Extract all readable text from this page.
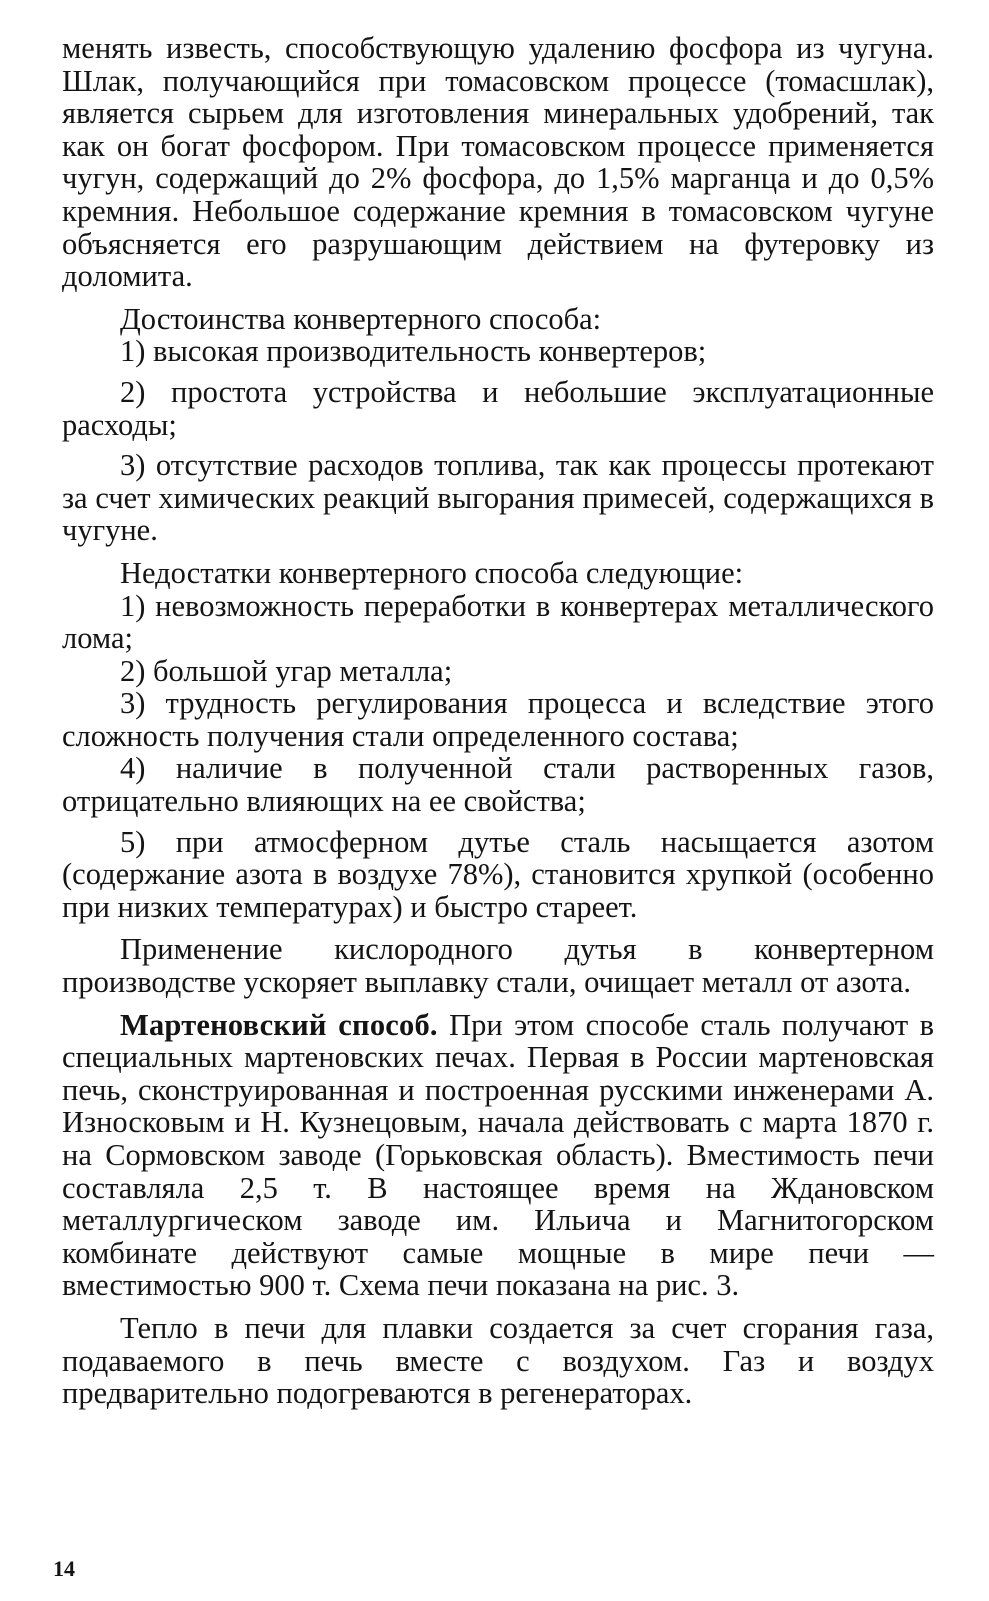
менять известь, способствующую удалению фосфора из чугуна. Шлак, получающийся при томасовском процессе (томасшлак), является сырьем для изготовления минеральных удобрений, так как он богат фосфором. При томасовском процессе применяется чугун, содержащий до 2% фосфора, до 1,5% марганца и до 0,5% кремния. Небольшое содержание кремния в томасовском чугуне объясняется его разрушающим действием на футеровку из доломита.

Достоинства конвертерного способа:

1) высокая производительность конвертеров;

2) простота устройства и небольшие эксплуатационные расходы;

3) отсутствие расходов топлива, так как процессы протекают за счет химических реакций выгорания примесей, содержащихся в чугуне.

Недостатки конвертерного способа следующие:

1) невозможность переработки в конвертерах металлического лома;

2) большой угар металла;

3) трудность регулирования процесса и вследствие этого сложность получения стали определенного состава;

4) наличие в полученной стали растворенных газов, отрицательно влияющих на ее свойства;

5) при атмосферном дутье сталь насыщается азотом (содержание азота в воздухе 78%), становится хрупкой (особенно при низких температурах) и быстро стареет.

Применение кислородного дутья в конвертерном производстве ускоряет выплавку стали, очищает металл от азота.

Мартеновский способ. При этом способе сталь получают в специальных мартеновских печах. Первая в России мартеновская печь, сконструированная и построенная русскими инженерами А. Износковым и Н. Кузнецовым, начала действовать с марта 1870 г. на Сормовском заводе (Горьковская область). Вместимость печи составляла 2,5 т. В настоящее время на Ждановском металлургическом заводе им. Ильича и Магнитогорском комбинате действуют самые мощные в мире печи — вместимостью 900 т. Схема печи показана на рис. 3.

Тепло в печи для плавки создается за счет сгорания газа, подаваемого в печь вместе с воздухом. Газ и воздух предварительно подогреваются в регенераторах.

14
